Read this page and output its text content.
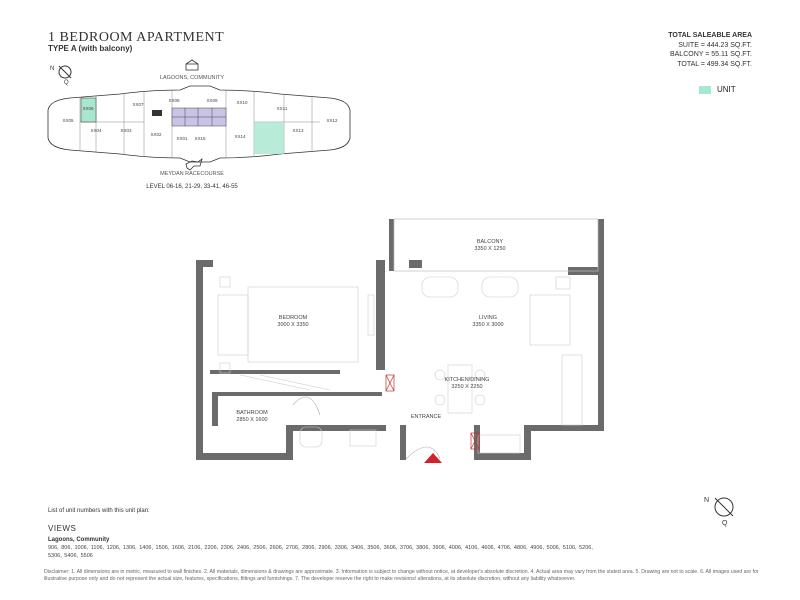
1 BEDROOM APARTMENT
TYPE A (with balcony)
TOTAL SALEABLE AREA
SUITE = 444.23 SQ.FT.
BALCONY = 55.11 SQ.FT.
TOTAL = 499.34 SQ.FT.
UNIT
N
Q
LAGOONS, COMMUNITY
XX05
XX06
XX07
XX08	XX09	XX10
XX11
XX12
XX04	XX03
XX02
XX01 XX15	XX14
XX13
MEYDAN RACECOURSE
LEVEL 06-16, 21-29, 33-41, 46-55
BALCONY
3350 X 1250
BEDROOM
3000 X 3350
LIVING
3350 X 3000
KITCHEN/DINING
3250 X 2250
BATHROOM
2850 X 1600	ENTRANCE
N
Q
List of unit numbers with this unit plan:
VIEWS
Lagoons, Community
906, 806, 1006, 1106, 1206, 1306, 1406, 1506, 1606, 2106, 2206, 2306, 2406, 2506, 2606, 2706, 2806, 2906, 3306, 3406, 3506, 3606, 3706, 3806, 3906, 4006, 4106, 4606, 4706, 4806, 4906, 5006, 5106, 5206, 5306, 5406, 5506
Disclaimer: 1. All dimensions are in metric, measured to wall finishes. 2. All materials, dimensions & drawings are approximate. 3. Information is subject to change without notice, at developer's absolute discretion. 4. Actual area may vary from the stated area. 5. Drawing are not to scale. 6. All images used are for illustrative purpose only and do not represent the actual size, features, specifications, fittings and furnishings. 7. The developer reserve the right to make revisions/ alterations, at its absolute discretion, without any liability whatsoever.
